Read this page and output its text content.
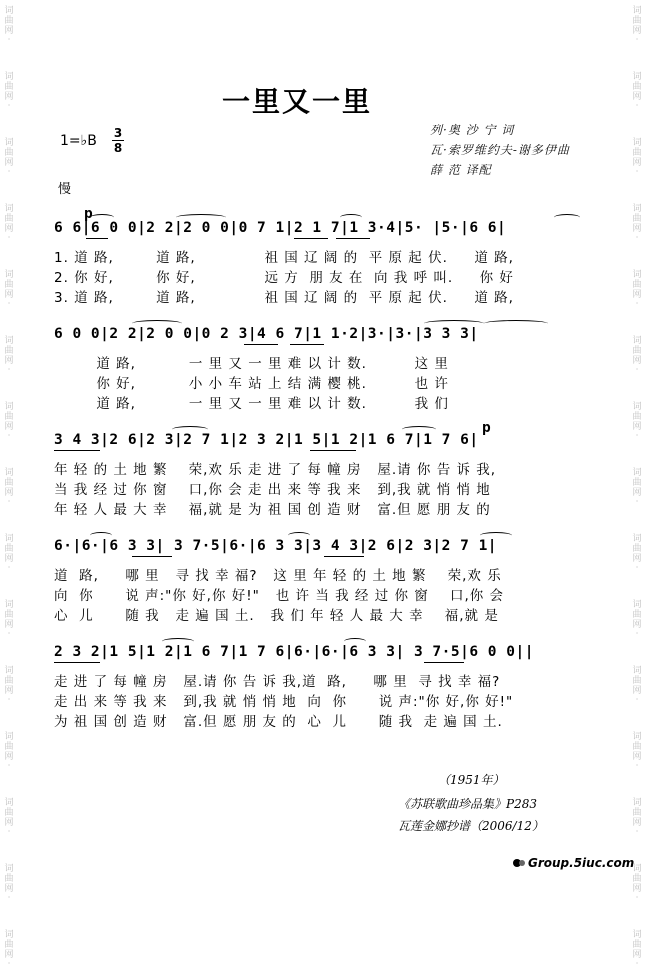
词
曲
网
·
词
曲
网
·
词
曲
网
·
词
曲
网
·
词
曲
网
·
词
曲
网
·
词
曲
网
·
词
曲
网
·
词
曲
网
·
词
曲
网
·
词
曲
网
·
词
曲
网
·
词
曲
网
·
词
曲
网
·
词
曲
网
·
词
曲
网
·
词
曲
网
·
词
曲
网
·
词
曲
网
·
词
曲
网
·
词
曲
网
·
词
曲
网
·
词
曲
网
·
词
曲
网
·
词
曲
网
·
词
曲
网
·
词
曲
网
·
词
曲
网
·
词
曲
网
·
词
曲
网
·
一里又一里
1=♭B 3
8
列·奥 沙 宁 词
瓦·索罗维约夫-谢多伊曲
薛 范 译配
慢
6 6|6 0 0|2 2|2 0 0|0 7 1|2 1 7|1 3·4|5· |5·|6 6|
p
1. 道 路,        道 路,             祖 国 辽 阔 的  平 原 起 伏.     道 路,
2. 你 好,        你 好,             远 方  朋 友 在  向 我 呼 叫.     你 好
3. 道 路,        道 路,             祖 国 辽 阔 的  平 原 起 伏.     道 路,
6 0 0|2 2|2 0 0|0 2 3|4 6 7|1 1·2|3·|3·|3 3 3|
道 路,          一 里 又 一 里 难 以 计 数.         这 里
你 好,          小 小 车 站 上 结 满 樱 桃.         也 许
道 路,          一 里 又 一 里 难 以 计 数.         我 们
p
3 4 3|2 6|2 3|2 7 1|2 3 2|1 5|1 2|1 6 7|1 7 6|
年 轻 的 土 地 繁    荣,欢 乐 走 进 了 每 幢 房   屋.请 你 告 诉 我,
当 我 经 过 你 窗    口,你 会 走 出 来 等 我 来   到,我 就 悄 悄 地
年 轻 人 最 大 幸    福,就 是 为 祖 国 创 造 财   富.但 愿 朋 友 的
6·|6·|6 3 3| 3 7·5|6·|6 3 3|3 4 3|2 6|2 3|2 7 1|
道  路,     哪 里   寻 找 幸 福?   这 里 年 轻 的 土 地 繁    荣,欢 乐
向  你      说 声:"你 好,你 好!"   也 许 当 我 经 过 你 窗    口,你 会
心  儿      随 我   走 遍 国 土.   我 们 年 轻 人 最 大 幸    福,就 是
2 3 2|1 5|1 2|1 6 7|1 7 6|6·|6·|6 3 3| 3 7·5|6 0 0||
走 进 了 每 幢 房   屋.请 你 告 诉 我,道  路,     哪 里  寻 找 幸 福?
走 出 来 等 我 来   到,我 就 悄 悄 地  向  你      说 声:"你 好,你 好!"
为 祖 国 创 造 财   富.但 愿 朋 友 的  心  儿      随 我  走 遍 国 土.
（1951年）
《苏联歌曲珍品集》P283
瓦莲金娜抄谱（2006/12）
Group.5iuc.com
